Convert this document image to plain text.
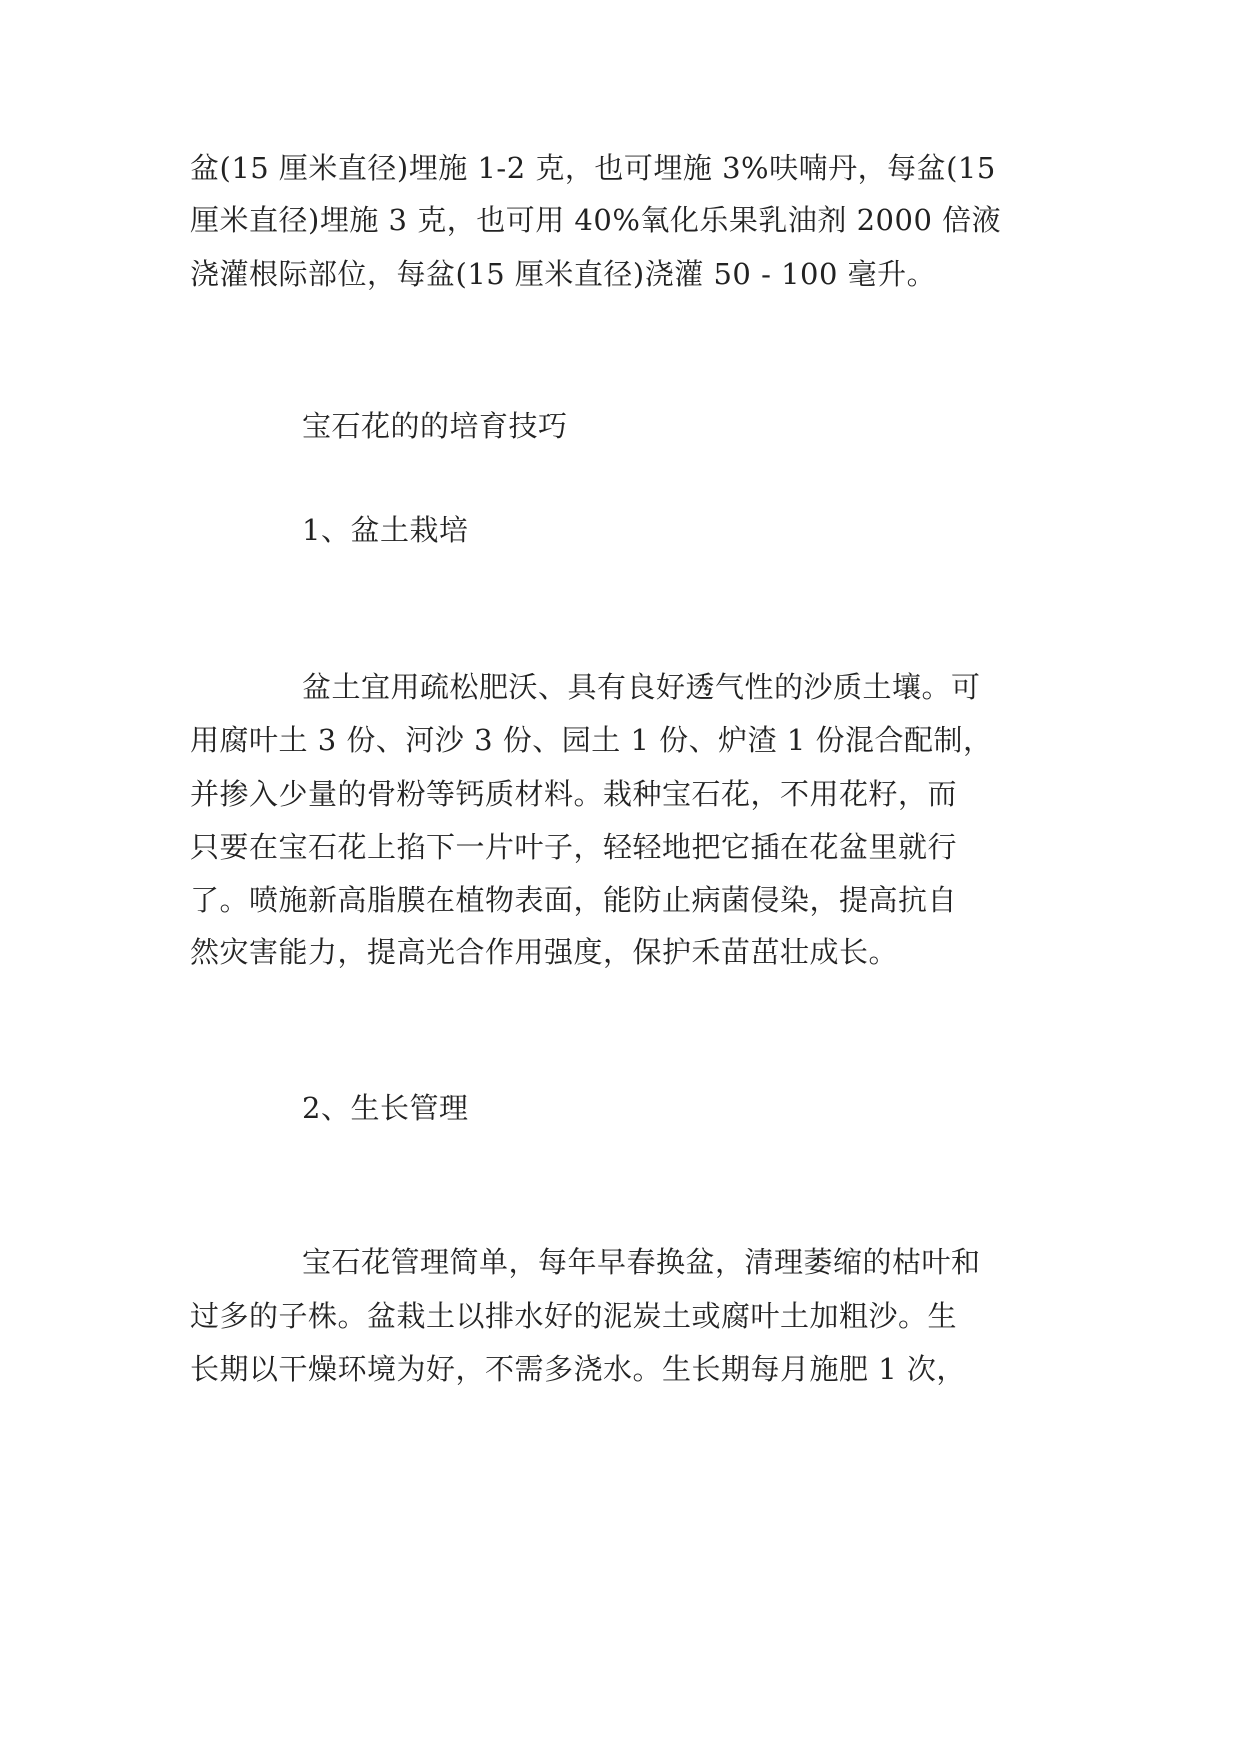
盆(15 厘米直径)埋施 1-2 克，也可埋施 3%呋喃丹，每盆(15
厘米直径)埋施 3 克，也可用 40%氧化乐果乳油剂 2000 倍液
浇灌根际部位，每盆(15 厘米直径)浇灌 50 - 100 毫升。
宝石花的的培育技巧
1、盆土栽培
盆土宜用疏松肥沃、具有良好透气性的沙质土壤。可
用腐叶土 3 份、河沙 3 份、园土 1 份、炉渣 1 份混合配制，
并掺入少量的骨粉等钙质材料。栽种宝石花，不用花籽，而
只要在宝石花上掐下一片叶子，轻轻地把它插在花盆里就行
了。喷施新高脂膜在植物表面，能防止病菌侵染，提高抗自
然灾害能力，提高光合作用强度，保护禾苗茁壮成长。
2、生长管理
宝石花管理简单，每年早春换盆，清理萎缩的枯叶和
过多的子株。盆栽土以排水好的泥炭土或腐叶土加粗沙。生
长期以干燥环境为好，不需多浇水。生长期每月施肥 1 次，
